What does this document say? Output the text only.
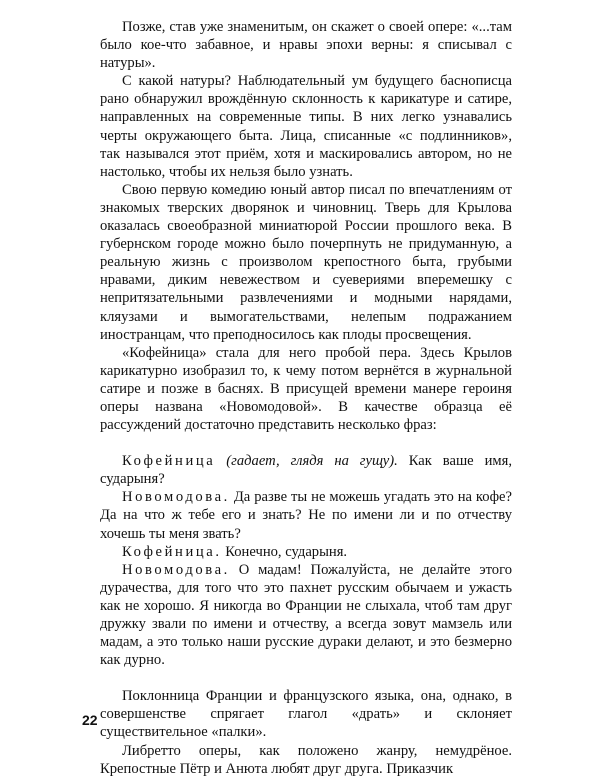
Позже, став уже знаменитым, он скажет о своей опере: «...там было кое-что забавное, и нравы эпохи верны: я списывал с натуры».

С какой натуры? Наблюдательный ум будущего баснописца рано обнаружил врождённую склонность к карикатуре и сатире, направленных на современные типы. В них легко узнавались черты окружающего быта. Лица, списанные «с подлинников», так назывался этот приём, хотя и маскировались автором, но не настолько, чтобы их нельзя было узнать.

Свою первую комедию юный автор писал по впечатлениям от знакомых тверских дворянок и чиновниц. Тверь для Крылова оказалась своеобразной миниатюрой России прошлого века. В губернском городе можно было почерпнуть не придуманную, а реальную жизнь с произволом крепостного быта, грубыми нравами, диким невежеством и суевериями вперемешку с непритязательными развлечениями и модными нарядами, кляузами и вымогательствами, нелепым подражанием иностранцам, что преподносилось как плоды просвещения.

«Кофейница» стала для него пробой пера. Здесь Крылов карикатурно изобразил то, к чему потом вернётся в журнальной сатире и позже в баснях. В присущей времени манере героиня оперы названа «Новомодовой». В качестве образца её рассуждений достаточно представить несколько фраз:

Кофейница (гадает, глядя на гущу). Как ваше имя, сударыня?

Новомодова. Да разве ты не можешь угадать это на кофе? Да на что ж тебе его и знать? Не по имени ли и по отчеству хочешь ты меня звать?

Кофейница. Конечно, сударыня.

Новомодова. О мадам! Пожалуйста, не делайте этого дурачества, для того что это пахнет русским обычаем и ужасть как не хорошо. Я никогда во Франции не слыхала, чтоб там друг дружку звали по имени и отчеству, а всегда зовут мамзель или мадам, а это только наши русские дураки делают, и это безмерно как дурно.

Поклонница Франции и французского языка, она, однако, в совершенстве спрягает глагол «драть» и склоняет существительное «палки».

Либретто оперы, как положено жанру, немудрёное. Крепостные Пётр и Анюта любят друг друга. Приказчик

22
